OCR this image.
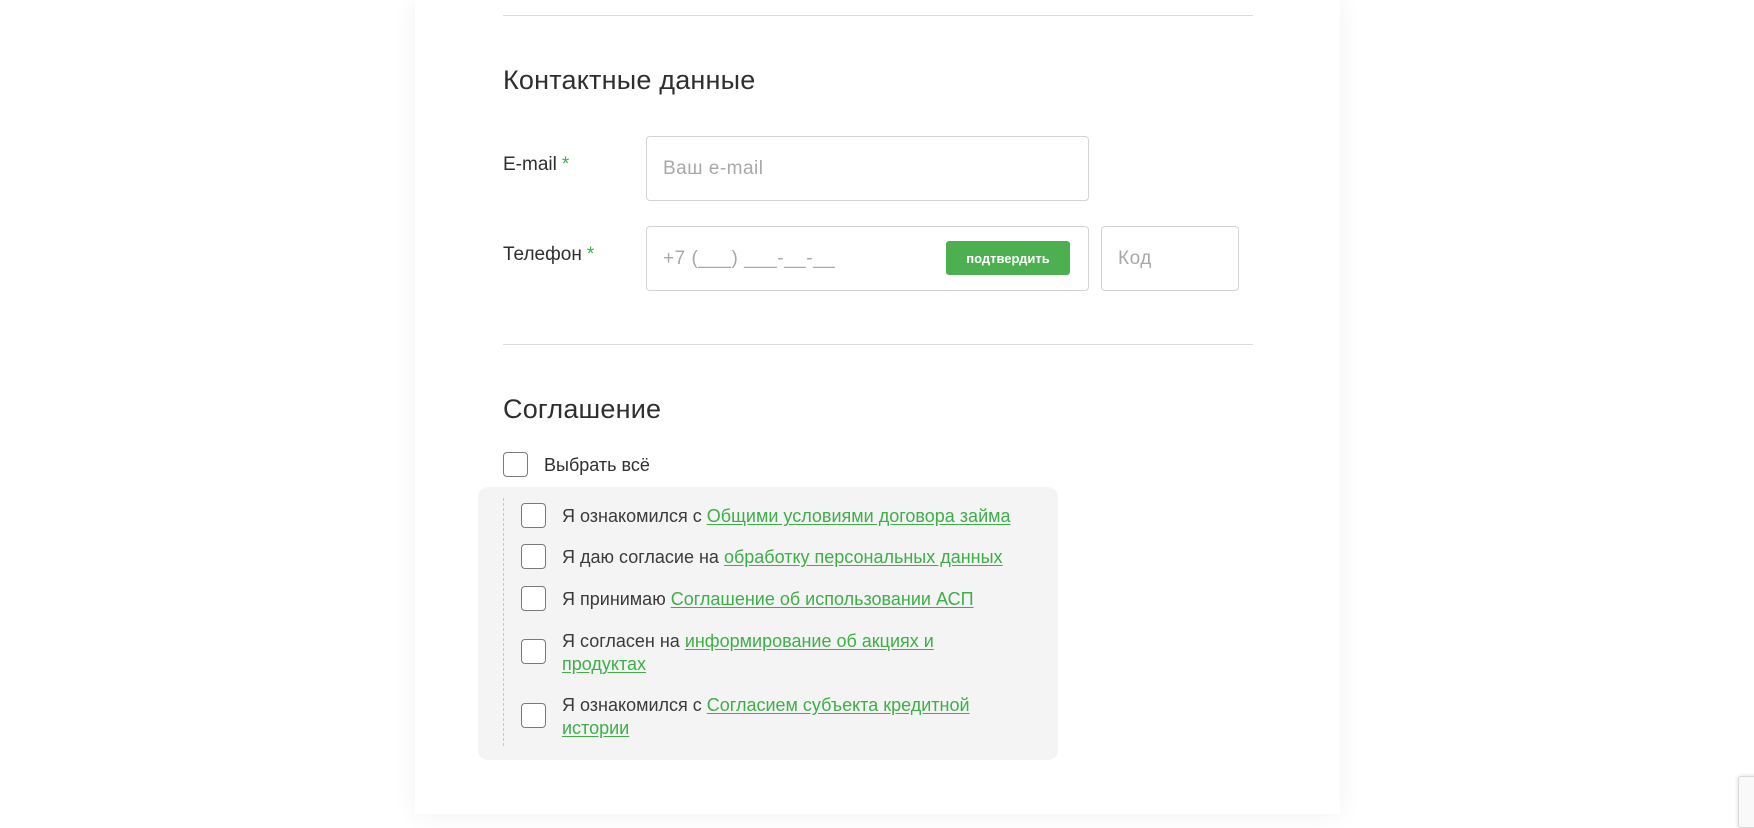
Контактные данные
E-mail *
Ваш e-mail
Телефон *
+7 (___) ___-__-__	подтвердить
Код
Соглашение
Выбрать всё
Я ознакомился с Общими условиями договора займа
Я даю согласие на обработку персональных данных
Я принимаю Соглашение об использовании АСП
Я согласен на информирование об акциях и продуктах
Я ознакомился с Согласием субъекта кредитной истории
